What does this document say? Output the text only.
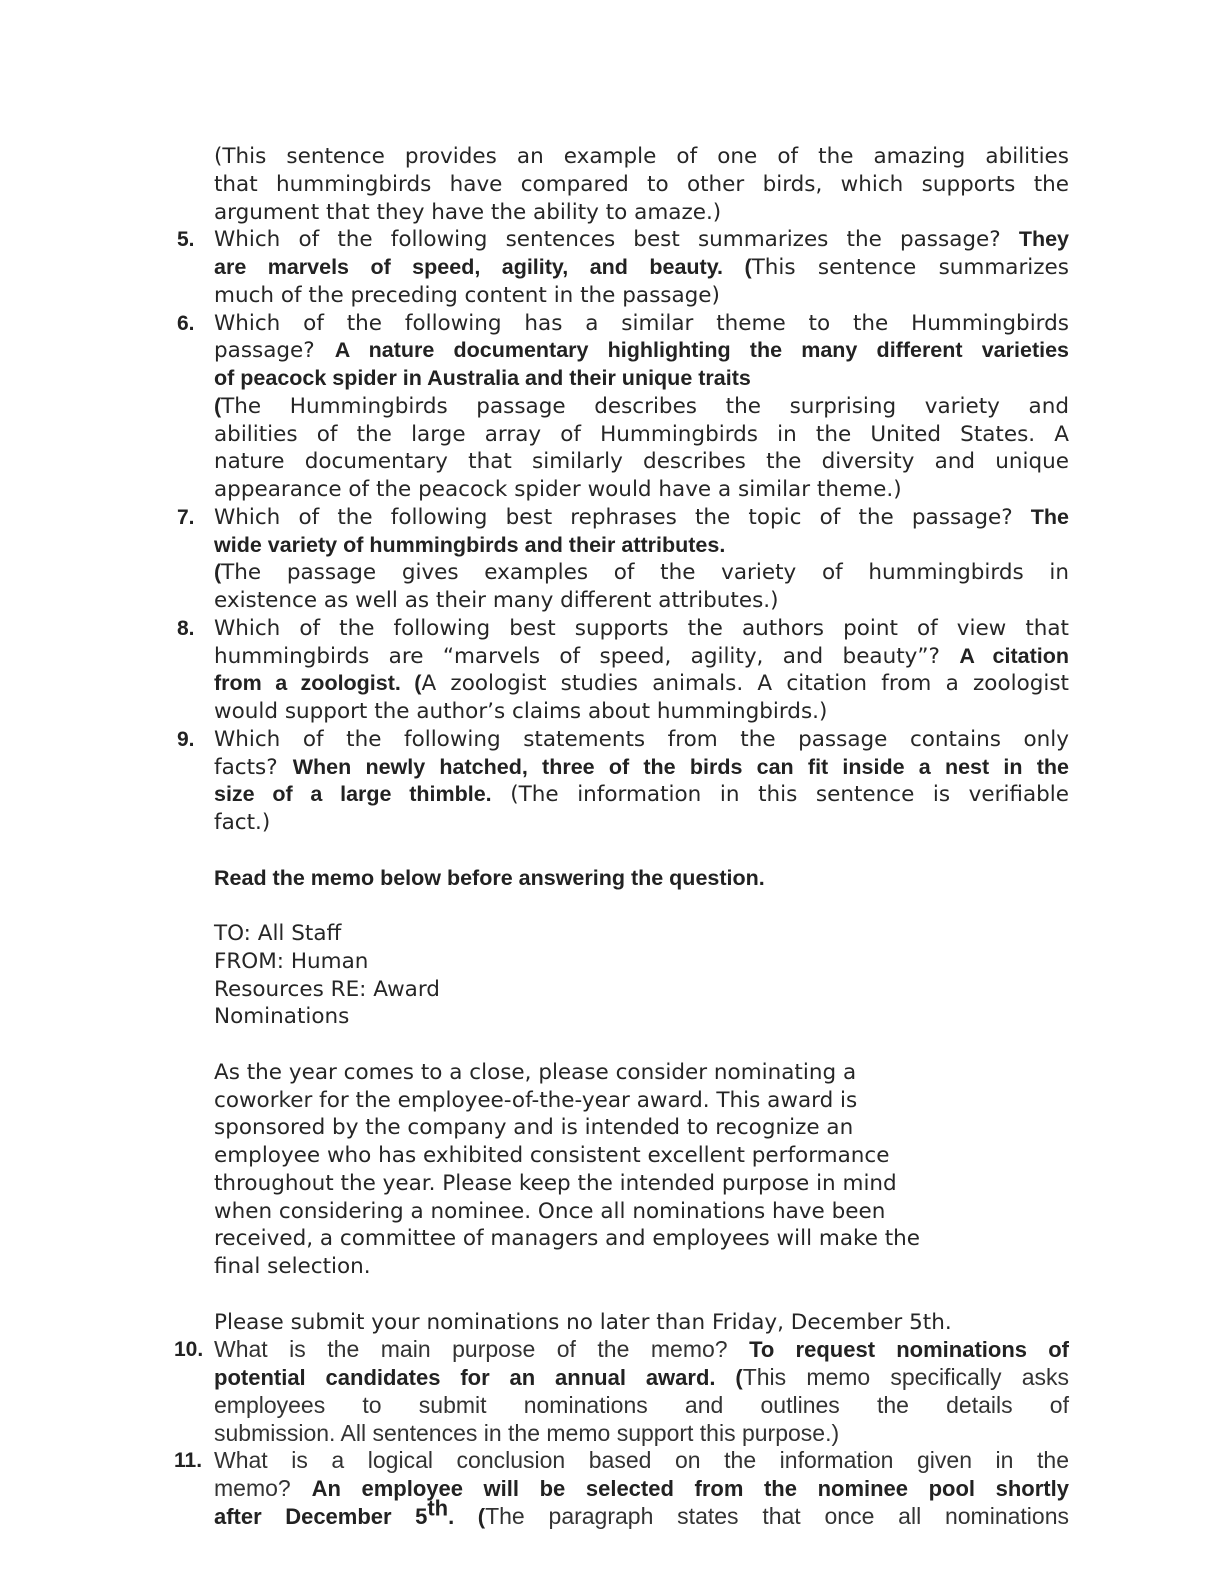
(This sentence provides an example of one of the amazing abilities
that hummingbirds have compared to other birds, which supports the
argument that they have the ability to amaze.)
5. Which of the following sentences best summarizes the passage? They
are marvels of speed, agility, and beauty. (This sentence summarizes
much of the preceding content in the passage)
6. Which of the following has a similar theme to the Hummingbirds
passage? A nature documentary highlighting the many different varieties
of peacock spider in Australia and their unique traits
(The Hummingbirds passage describes the surprising variety and
abilities of the large array of Hummingbirds in the United States. A
nature documentary that similarly describes the diversity and unique
appearance of the peacock spider would have a similar theme.)
7. Which of the following best rephrases the topic of the passage? The
wide variety of hummingbirds and their attributes.
(The passage gives examples of the variety of hummingbirds in
existence as well as their many different attributes.)
8. Which of the following best supports the authors point of view that
hummingbirds are “marvels of speed, agility, and beauty”? A citation
from a zoologist. (A zoologist studies animals. A citation from a zoologist
would support the author’s claims about hummingbirds.)
9. Which of the following statements from the passage contains only
facts? When newly hatched, three of the birds can fit inside a nest in the
size of a large thimble. (The information in this sentence is verifiable
fact.)
Read the memo below before answering the question.
TO: All Staff
FROM: Human
Resources RE: Award
Nominations
As the year comes to a close, please consider nominating a
coworker for the employee-of-the-year award. This award is
sponsored by the company and is intended to recognize an
employee who has exhibited consistent excellent performance
throughout the year. Please keep the intended purpose in mind
when considering a nominee. Once all nominations have been
received, a committee of managers and employees will make the
final selection.
Please submit your nominations no later than Friday, December 5th.
10. What is the main purpose of the memo? To request nominations of
potential candidates for an annual award. (This memo specifically asks
employees to submit nominations and outlines the details of
submission. All sentences in the memo support this purpose.)
11. What is a logical conclusion based on the information given in the
memo? An employee will be selected from the nominee pool shortly
after December 5th. (The paragraph states that once all nominations
